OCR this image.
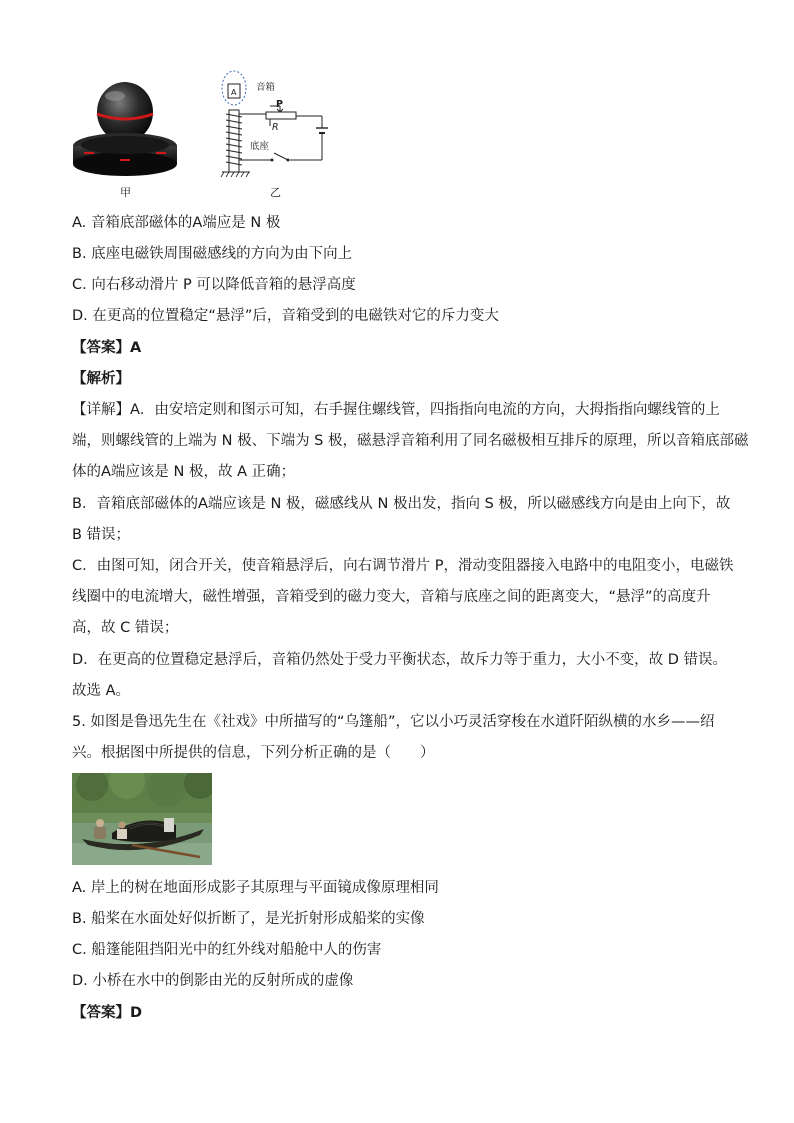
甲
A 音箱
P
R
底座
乙
A. 音箱底部磁体的A端应是 N 极
B. 底座电磁铁周围磁感线的方向为由下向上
C. 向右移动滑片 P 可以降低音箱的悬浮高度
D. 在更高的位置稳定“悬浮”后，音箱受到的电磁铁对它的斥力变大
【答案】A
【解析】
【详解】A．由安培定则和图示可知，右手握住螺线管，四指指向电流的方向，大拇指指向螺线管的上
端，则螺线管的上端为 N 极、下端为 S 极，磁悬浮音箱利用了同名磁极相互排斥的原理，所以音箱底部磁
体的A端应该是 N 极，故 A 正确；
B．音箱底部磁体的A端应该是 N 极，磁感线从 N 极出发，指向 S 极，所以磁感线方向是由上向下，故
B 错误；
C．由图可知，闭合开关，使音箱悬浮后，向右调节滑片 P，滑动变阻器接入电路中的电阻变小，电磁铁
线圈中的电流增大，磁性增强，音箱受到的磁力变大，音箱与底座之间的距离变大，“悬浮”的高度升
高，故 C 错误；
D．在更高的位置稳定悬浮后，音箱仍然处于受力平衡状态，故斥力等于重力，大小不变，故 D 错误。
故选 A。
5. 如图是鲁迅先生在《社戏》中所描写的“乌篷船”，它以小巧灵活穿梭在水道阡陌纵横的水乡——绍
兴。根据图中所提供的信息，下列分析正确的是（　　）
A. 岸上的树在地面形成影子其原理与平面镜成像原理相同
B. 船桨在水面处好似折断了，是光折射形成船桨的实像
C. 船篷能阻挡阳光中的红外线对船舱中人的伤害
D. 小桥在水中的倒影由光的反射所成的虚像
【答案】D
